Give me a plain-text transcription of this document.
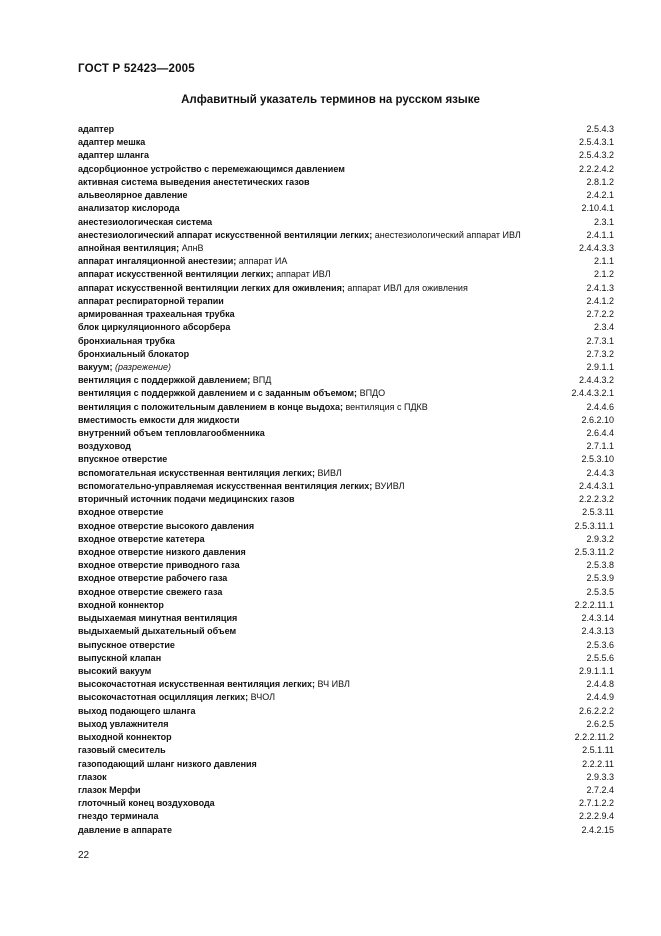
ГОСТ Р 52423—2005
Алфавитный указатель терминов на русском языке
адаптер	2.5.4.3
адаптер мешка	2.5.4.3.1
адаптер шланга	2.5.4.3.2
адсорбционное устройство с перемежающимся давлением	2.2.2.4.2
активная система выведения анестетических газов	2.8.1.2
альвеолярное давление	2.4.2.1
анализатор кислорода	2.10.4.1
анестезиологическая система	2.3.1
анестезиологический аппарат искусственной вентиляции легких; анестезиологический аппарат ИВЛ	2.4.1.1
апнойная вентиляция; АпнВ	2.4.4.3.3
аппарат ингаляционной анестезии; аппарат ИА	2.1.1
аппарат искусственной вентиляции легких; аппарат ИВЛ	2.1.2
аппарат искусственной вентиляции легких для оживления; аппарат ИВЛ для оживления	2.4.1.3
аппарат респираторной терапии	2.4.1.2
армированная трахеальная трубка	2.7.2.2
блок циркуляционного абсорбера	2.3.4
бронхиальная трубка	2.7.3.1
бронхиальный блокатор	2.7.3.2
вакуум; (разрежение)	2.9.1.1
вентиляция с поддержкой давлением; ВПД	2.4.4.3.2
вентиляция с поддержкой давлением и с заданным объемом; ВПДО	2.4.4.3.2.1
вентиляция с положительным давлением в конце выдоха; вентиляция с ПДКВ	2.4.4.6
вместимость емкости для жидкости	2.6.2.10
внутренний объем тепловлагообменника	2.6.4.4
воздуховод	2.7.1.1
впускное отверстие	2.5.3.10
вспомогательная искусственная вентиляция легких; ВИВЛ	2.4.4.3
вспомогательно-управляемая искусственная вентиляция легких; ВУИВЛ	2.4.4.3.1
вторичный источник подачи медицинских газов	2.2.2.3.2
входное отверстие	2.5.3.11
входное отверстие высокого давления	2.5.3.11.1
входное отверстие катетера	2.9.3.2
входное отверстие низкого давления	2.5.3.11.2
входное отверстие приводного газа	2.5.3.8
входное отверстие рабочего газа	2.5.3.9
входное отверстие свежего газа	2.5.3.5
входной коннектор	2.2.2.11.1
выдыхаемая минутная вентиляция	2.4.3.14
выдыхаемый дыхательный объем	2.4.3.13
выпускное отверстие	2.5.3.6
выпускной клапан	2.5.5.6
высокий вакуум	2.9.1.1.1
высокочастотная искусственная вентиляция легких; ВЧ ИВЛ	2.4.4.8
высокочастотная осцилляция легких; ВЧОЛ	2.4.4.9
выход подающего шланга	2.6.2.2.2
выход увлажнителя	2.6.2.5
выходной коннектор	2.2.2.11.2
газовый смеситель	2.5.1.11
газоподающий шланг низкого давления	2.2.2.11
глазок	2.9.3.3
глазок Мерфи	2.7.2.4
глоточный конец воздуховода	2.7.1.2.2
гнездо терминала	2.2.2.9.4
давление в аппарате	2.4.2.15
22
